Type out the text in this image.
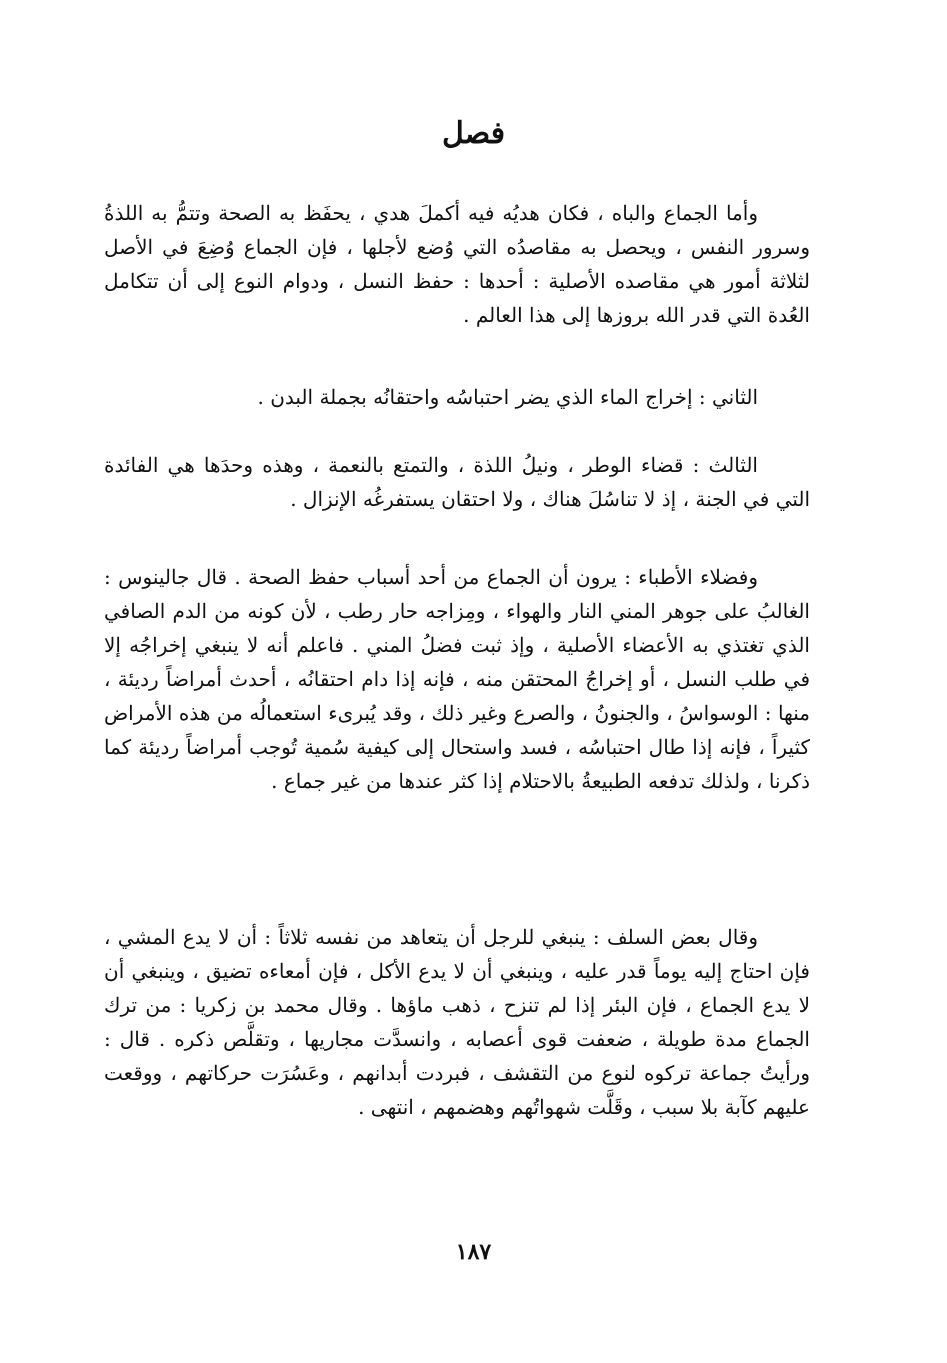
فصل

وأما الجماع والباه ، فكان هديُه فيه أكملَ هدي ، يحفَظ به الصحة وتتمُّ به اللذةُ وسرور النفس ، ويحصل به مقاصدُه التي وُضع لأجلها ، فإن الجماع وُضِعَ في الأصل لثلاثة أمور هي مقاصده الأصلية : أحدها : حفظ النسل ، ودوام النوع إلى أن تتكامل العُدة التي قدر الله بروزها إلى هذا العالم .

الثاني : إخراج الماء الذي يضر احتباسُه واحتقانُه بجملة البدن .

الثالث : قضاء الوطر ، ونيلُ اللذة ، والتمتع بالنعمة ، وهذه وحدَها هي الفائدة التي في الجنة ، إذ لا تناسُلَ هناك ، ولا احتقان يستفرغُه الإنزال .

وفضلاء الأطباء : يرون أن الجماع من أحد أسباب حفظ الصحة . قال جالينوس : الغالبُ على جوهر المني النار والهواء ، ومِزاجه حار رطب ، لأن كونه من الدم الصافي الذي تغتذي به الأعضاء الأصلية ، وإذ ثبت فضلُ المني . فاعلم أنه لا ينبغي إخراجُه إلا في طلب النسل ، أو إخراجُ المحتقن منه ، فإنه إذا دام احتقانُه ، أحدث أمراضاً رديئة ، منها : الوسواسُ ، والجنونُ ، والصرع وغير ذلك ، وقد يُبرىء استعمالُه من هذه الأمراض كثيراً ، فإنه إذا طال احتباسُه ، فسد واستحال إلى كيفية سُمية تُوجب أمراضاً رديئة كما ذكرنا ، ولذلك تدفعه الطبيعةُ بالاحتلام إذا كثر عندها من غير جماع .

وقال بعض السلف : ينبغي للرجل أن يتعاهد من نفسه ثلاثاً : أن لا يدع المشي ، فإن احتاج إليه يوماً قدر عليه ، وينبغي أن لا يدع الأكل ، فإن أمعاءه تضيق ، وينبغي أن لا يدع الجماع ، فإن البئر إذا لم تنزح ، ذهب ماؤها . وقال محمد بن زكريا : من ترك الجماع مدة طويلة ، ضعفت قوى أعصابه ، وانسدَّت مجاريها ، وتقلَّص ذكره . قال : ورأيتُ جماعة تركوه لنوع من التقشف ، فبردت أبدانهم ، وعَسُرَت حركاتهم ، ووقعت عليهم كآبة بلا سبب ، وقَلَّت شهواتُهم وهضمهم ، انتهى .

١٨٧
